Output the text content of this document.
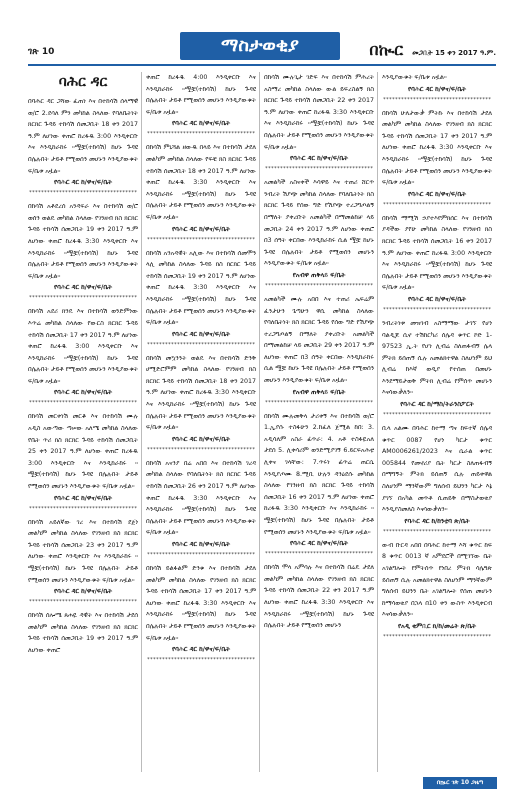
ገጽ 10	ማስታወቂያ	በኲር መጋቢት 15 ቀን 2017 ዓ.ም.
ባሕር ዳር
በባሕር ዳር ጋሻው ፈጠነ እና በተከሳሽ ሰላማዊ ወ/ሮ 2.ደሳለ ምን መካከል ስላለው የባለቤትነት ክርክር ጉዳይ ተከሳሽ ሰመጋቢት 18 ቀን 2017 ዓ.ም ለሆነው ቀጠሮ ከረፋዱ 3:00 እንዲቀርቡ እና እንዲከራከሩ ፡፡ሟቿ(ተከሳሽ) ከሆኑ ጉዳዩ በሌሉበት ታይቶ የሚወሰን መሆኑን እንዲያውቁት ፍ/ቤቱ አዟል፡፡
የባሕር ዳር ከ/ዋና/ፍ/ቤት
************************************
በከሳሽ አቶደረሰ አንዳፍራ እና በተከሳሽ ወ/ሮ ወሰን ወልዴ መካከል ስላለው የገንዘብ ክስ ክርክር ጉዳይ ተከሳሽ ሰመጋቢት 19 ቀን 2017 ዓ.ም ለሆነው ቀጠሮ ከረፋዱ 3:30 እንዲቀርቡ እና እንዲከራከሩ ፡፡ሟቿ(ተከሳሽ) ከሆኑ ጉዳዩ በሌሉበት ታይቶ የሚወሰን መሆኑን እንዲያውቁት ፍ/ቤቱ አዟል፡፡
የባሕር ዳር ከ/ዋና/ፍ/ቤት
************************************
በከሳሽ አደሪ ክንዴ እና በተከሳሽ ወንድምነው እጥሬ መካከል ስላለው የውርስ ክርክር ጉዳይ ተከሳሽ ሰመጋቢት 17 ቀን 2017 ዓ.ም ለሆነው ቀጠሮ ከረፋዱ 3:00 እንዲቀርቡ እና እንዲከራከሩ ፡፡ሟቿ(ተከሳሽ) ከሆኑ ጉዳዩ በሌሉበት ታይቶ የሚወሰን መሆኑን እንዲያውቁት ፍ/ቤቱ አዟል፡፡
የባሕር ዳር ከ/ዋና/ፍ/ቤት
************************************
በከሳሽ መርቀነሽ መርቆ እና በተከሳሽ ሙሉ አዲስ አውጣው ጣሠው አለሜ መካከል ስላለው የቤት ጥሪ ክስ ክርክር ጉዳይ ተከሳሽ ሰመጋቢት 25 ቀን 2017 ዓ.ም ለሆነው ቀጠሮ ከረፋዱ 3:00 እንዲቀርቡ እና እንዲከራከሩ ፡፡ሟቿ(ተከሳሽ) ከሆኑ ጉዳዩ በሌሉበት ታይቶ የሚወሰን መሆኑን እንዲያውቁት ፍ/ቤቱ አዟል፡፡
የባሕር ዳር ከ/ዋና/ፍ/ቤት
************************************
በከሳሽ አይለኛው ገረ እና በተከሳሽ ደጀነ መልካም መካከል ስላለው የገንዘብ ክስ ክርክር ጉዳይ ተከሳሽ ሰመጋቢት 23 ቀን 2017 ዓ.ም ለሆነው ቀጠሮ እንዲቀርቡ እና እንዲከራከሩ ፡፡ሟቿ(ተከሳሽ) ከሆኑ ጉዳዩ በሌሉበት ታይቶ የሚወሰን መሆኑን እንዲያውቁት ፍ/ቤቱ አዟል፡፡
የባሕር ዳር ከ/ዋና/ፍ/ቤት
************************************
በከሳሽ ሰሎሜ ጸሐዬ ዳዊት እና በተከሳሽ ታደሰ መልካም መካከል ስላለው የገንዘብ ክስ ክርክር ጉዳይ ተከሳሽ ሰመጋቢት 19 ቀን 2017 ዓ.ም ለሆነው ቀጠሮ
ቀጠሮ ከረፋዱ 4:00 እንዲቀርቡ እና እንዲከራከሩ ፡፡ሟቿ(ተከሳሽ) ከሆኑ ጉዳዩ በሌሉበት ታይቶ የሚወሰን መሆኑን እንዲያውቁት ፍ/ቤቱ አዟል፡፡
የባሕር ዳር ከ/ዋና/ፍ/ቤት
************************************
በከሳሽ ምኒሻል ዘውዱ በላይ እና በተከሳሽ ታደለ መልካም መካከል ስላለው የፍቺ ክስ ክርክር ጉዳይ ተከሳሽ ሰመጋቢት 18 ቀን 2017 ዓ.ም ለሆነው ቀጠሮ ከረፋዱ 3:30 እንዲቀርቡ እና እንዲከራከሩ ፡፡ሟቿ(ተከሳሽ) ከሆኑ ጉዳዩ በሌሉበት ታይቶ የሚወሰን መሆኑን እንዲያውቁት ፍ/ቤቱ አዟል፡፡
የባሕር ዳር ከ/ዋና/ፍ/ቤት
************************************
በከሳሽ አንአዳዊት አሊው እና በተከሳሽ ሰመሞን ላሊ መካከል ስላለው ጉዳይ ክስ ክርክር ጉዳይ ተከሳሽ ሰመጋቢት 19 ቀን 2017 ዓ.ም ለሆነው ቀጠሮ ከረፋዱ 3:30 እንዲቀርቡ እና እንዲከራከሩ ፡፡ሟቿ(ተከሳሽ) ከሆኑ ጉዳዩ በሌሉበት ታይቶ የሚወሰን መሆኑን እንዲያውቁት ፍ/ቤቱ አዟል፡፡
የባሕር ዳር ከ/ዋና/ፍ/ቤት
************************************
በከሳሽ መኳንንት ወልዴ እና በተከሳሽ ድንቅ ሀሚድሮምም መካከል ስላለው የገንዘብ ክስ ክርክር ጉዳይ ተከሳሽ ሰመጋቢት 18 ቀን 2017 ዓ.ም ለሆነው ቀጠሮ ከረፋዱ 3:30 እንዲቀርቡ እና እንዲከራከሩ ፡፡ሟቿ(ተከሳሽ) ከሆኑ ጉዳዩ በሌሉበት ታይቶ የሚወሰን መሆኑን እንዲያውቁት ፍ/ቤቱ አዟል፡፡
የባሕር ዳር ከ/ዋና/ፍ/ቤት
************************************
በከሳሽ አናንያ በሬ አበበ እና በተከሳሽ ገረዳ መካከል ስላለው የባለቤትነት ክስ ክርክር ጉዳይ ተከሳሽ ሰመጋቢት 26 ቀን 2017 ዓ.ም ለሆነው ቀጠሮ ከረፋዱ 3:30 እንዲቀርቡ እና እንዲከራከሩ ፡፡ሟቿ(ተከሳሽ) ከሆኑ ጉዳዩ በሌሉበት ታይቶ የሚወሰን መሆኑን እንዲያውቁት ፍ/ቤቱ አዟል፡፡
የባሕር ዳር ከ/ዋና/ፍ/ቤት
************************************
በከሳሽ ይልፋልም ድንቁ እና በተከሳሽ ታደለ መልካም መካከል ስላለው የገንዘብ ክስ ክርክር ጉዳይ ተከሳሽ ሰመጋቢት 17 ቀን 2017 ዓ.ም ለሆነው ቀጠሮ ከረፋዱ 3:30 እንዲቀርቡ እና እንዲከራከሩ ፡፡ሟቿ(ተከሳሽ) ከሆኑ ጉዳዩ በሌሉበት ታይቶ የሚወሰን መሆኑን እንዲያውቁት ፍ/ቤቱ አዟል፡፡
የባሕር ዳር ከ/ዋና/ፍ/ቤት
************************************
በከሳሽ ሙሉጊታ ገድፍ እና በተከሳሽ ምሕረት አስማረ መካከል ስላለው ውል ይፍረስልኝ ክስ ክርክር ጉዳይ ተከሳሽ ሰመጋቢት 22 ቀን 2017 ዓ.ም ለሆነው ቀጠሮ ከረፋዱ 3:30 እንዲቀርቡ እና እንዲከራከሩ ፡፡ሟቿ(ተከሳሽ) ከሆኑ ጉዳዩ በሌሉበት ታይቶ የሚወሰን መሆኑን እንዲያውቁት ፍ/ቤቱ አዟል፡፡
የባሕር ዳር ከ/ዋና/ፍ/ቤት
************************************
አመልካች አስናቀች እሳዋይ እና ተጠሪ ሸርጥ ንብረት ሽያጭ መካከል ስላለው የባለቤትነት ክስ ክርክር ጉዳይ የሰው ግድ የሽያጭ ተረጋግጦልኝ በማለት ያቀረቡት አመልካች በማመልከቻ ላይ መጋቢት 24 ቀን 2017 ዓ.ም ለሆነው ቀጠሮ በ3 ሰዓት ቀርበው እንዲከራከሩ ሲል ሟቿ ከሆኑ ጉዳዩ በሌሉበት ታይቶ የሚወሰን መሆኑን እንዲያውቁት ፍ/ቤቱ አዟል፡፡
የአብዋ ጠቅላይ ፍ/ቤት
************************************
አመልካች ሙሉ አበበ እና ተጠሪ ኤፍሬም ፈንታሁን ጌጣሁን ዋሲ መካከል ስላለው የባለቤትነት ክስ ክርክር ጉዳይ የሰው ግድ የሽያጭ ተረጋግጦልኝ በማለት ያቀረቡት አመልካች በማመልከቻ ላይ መጋቢት 29 ቀን 2017 ዓ.ም ለሆነው ቀጠሮ በ3 ሰዓት ቀርበው እንዲከራከሩ ሲል ሟቿ ከሆኑ ጉዳዩ በሌሉበት ታይቶ የሚወሰን መሆኑን እንዲያውቁት ፍ/ቤቱ አዟል፡፡
የአብዋ ጠቅላይ ፍ/ቤት
************************************
በከሳሽ ሙሉመቅላ ታሪቀኝ እና በተከሳሽ ወ/ሮ 1.ኢያሱ ተስፋሁን 2.ከፈለ ጀሚል ከበ: 3. አዲሳለም አስራ ፊጥራ: 4. አቶ ተስፋዬአለ ታደሰ 5. ሊቀሳሪም ወንድሚያገኝ 6.ይርፍአሕቲ ሊቀና ገላቸው: 7.ጥሩነ ፊጥሬ ጠርሴ እንዲያጦሙ 8.ሚቢ ሁሉን ዳንዕደሱ መካከል ስላለው የገንዘብ ክስ ክርክር ጉዳይ ተከሳሽ ሰመጋቢት 16 ቀን 2017 ዓ.ም ለሆነው ቀጠሮ ከረፋዱ 3:30 እንዲቀርቡ እና እንዲከራከሩ ፡፡ሟቿ(ተከሳሽ) ከሆኑ ጉዳዩ በሌሉበት ታይቶ የሚወሰን መሆኑን እንዲያውቁት ፍ/ቤቱ አዟል፡፡
የባሕር ዳር ከ/ዋና/ፍ/ቤት
************************************
በከሳሽ ሞላ አምሳሉ እና በተከሳሽ በሬዴ ታደለ መልካም መካከል ስላለው የገንዘብ ክስ ክርክር ጉዳይ ተከሳሽ ሰመጋቢት 22 ቀን 2017 ዓ.ም ለሆነው ቀጠሮ ከረፋዱ 3:30 እንዲቀርቡ እና እንዲከራከሩ ፡፡ሟቿ(ተከሳሽ) ከሆኑ ጉዳዩ በሌሉበት ታይቶ የሚወሰን መሆኑን
እንዲያውቁት ፍ/ቤቱ አዟል፡፡
የባሕር ዳር ከ/ዋና/ፍ/ቤት
************************************
በከሳሽ ሁለታውቃ ምትኩ እና በተከሳሽ ታደለ መልካም መካከል ስላለው የገንዘብ ክስ ክርክር ጉዳይ ተከሳሽ ሰመጋቢት 17 ቀን 2017 ዓ.ም ለሆነው ቀጠሮ ከረፋዱ 3:30 እንዲቀርቡ እና እንዲከራከሩ ፡፡ሟቿ(ተከሳሽ) ከሆኑ ጉዳዩ በሌሉበት ታይቶ የሚወሰን መሆኑን እንዲያውቁት ፍ/ቤቱ አዟል፡፡
የባሕር ዳር ከ/ዋና/ፍ/ቤት
************************************
በከሳሽ ማሚሽ ኃያተእየምክሰር እና በተከሳሽ ያዳችው ያየሁ መካከል ስላለው የገንዘብ ክስ ክርክር ጉዳይ ተከሳሽ ሰመጋቢት 16 ቀን 2017 ዓ.ም ለሆነው ቀጠሮ ከረፋዱ 3:00 እንዲቀርቡ እና እንዲከራከሩ ፡፡ሟቿ(ተከሳሽ) ከሆኑ ጉዳዩ በሌሉበት ታይቶ የሚወሰን መሆኑን እንዲያውቁት ፍ/ቤቱ አዟል፡፡
የባሕር ዳር ከ/ዋና/ፍ/ቤት
************************************
ንብረትነቱ መዝገብ አስማማው ታገኘ የሆነ ባልዲጆ ሲኖ ተሽከርካሪ ሰሌዳ ቁጥር ኮድ 1-97523 ኢ.ት የሆነ ሊብሬ ስለጠፋብኝ ሌላ ምትክ ይሰጠኝ ሲሉ አመልክተዋል ስለሆነም ይህ ሊብሬ ከእኛ ወዲያ የተሰጠ በመሆኑ እንደማይታወቅ ምትክ ሊብሬ የምሰጥ መሆኑን እናሳውቃለን፡፡
የባሕር ዳር ከ/ማስ/ትራንስፖርት
************************************
ቢላ አልሙ በባሕር ከተማ ጣና ከፍተኛ ሰሌዳ ቁጥር 0087 የሆነ ካርታ ቁጥር AM0006261/2023 እና ሴራል ቁጥር 005844 የመኖሪያ ቤት ካርታ ስለጠፋብኝ በማግኝት ምትክ ይሰጠኝ ሲሉ ጠይቀዋል ስለሆነም ማንኛውም ግለሰብ ይህንን ካርታ እኔ ያገኘ በአካል መጥቶ ሲጠይቅ በማስታወቂያ እንዲያስመለስ እናሳውቃለን፡፡
የባሕር ዳር ከ/ከንቲባ ጽ/ቤት
************************************
ውብ ቡርዳ አበበ በባሕር ከተማ እሻ ቁጥር ከፍ 8 ቁጥር 0013 ኛ አምደሮች በሚገኘው ቤት አገልግሎት የምትሰጥ የነበረ ምትክ ሳሌዓጽ ይሰጠኝ ሲሉ አመልክተዋል ስለሆነም ማንኛውም ግለሰብ ይህንን ቤት አገልግሎት የሰጠ መሆኑን ከማሳወቂያ በኋላ በ10 ቀን ውስጥ እንዲቀርብ እናሳውቃለን፡፡
የአዲ ቂምቢር ክ/ከ/መሬት ጽ/ቤት
************************************
በኲር ገጽ 10 ጋዜጣ
